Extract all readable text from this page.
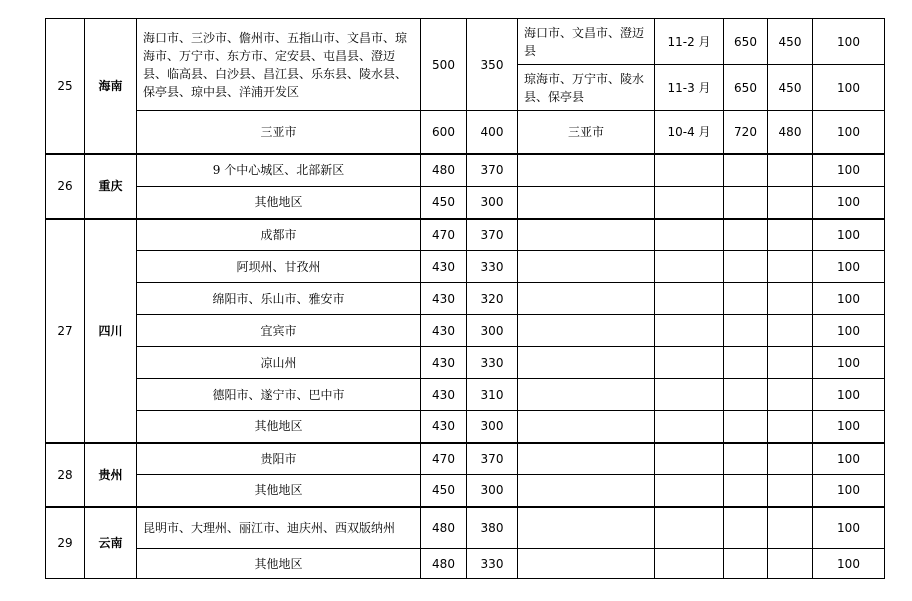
25	海南	海口市、三沙市、儋州市、五指山市、文昌市、琼海市、万宁市、东方市、定安县、屯昌县、澄迈县、临高县、白沙县、昌江县、乐东县、陵水县、保亭县、琼中县、洋浦开发区	500	350	海口市、文昌市、澄迈县	11-2 月	650	450	100
					琼海市、万宁市、陵水县、保亭县	11-3 月	650	450	100
		三亚市	600	400	三亚市	10-4 月	720	480	100
26	重庆	9 个中心城区、北部新区	480	370					100
		其他地区	450	300					100
27	四川	成都市	470	370					100
		阿坝州、甘孜州	430	330					100
		绵阳市、乐山市、雅安市	430	320					100
		宜宾市	430	300					100
		凉山州	430	330					100
		德阳市、遂宁市、巴中市	430	310					100
		其他地区	430	300					100
28	贵州	贵阳市	470	370					100
		其他地区	450	300					100
29	云南	昆明市、大理州、丽江市、迪庆州、西双版纳州	480	380					100
		其他地区	480	330					100
